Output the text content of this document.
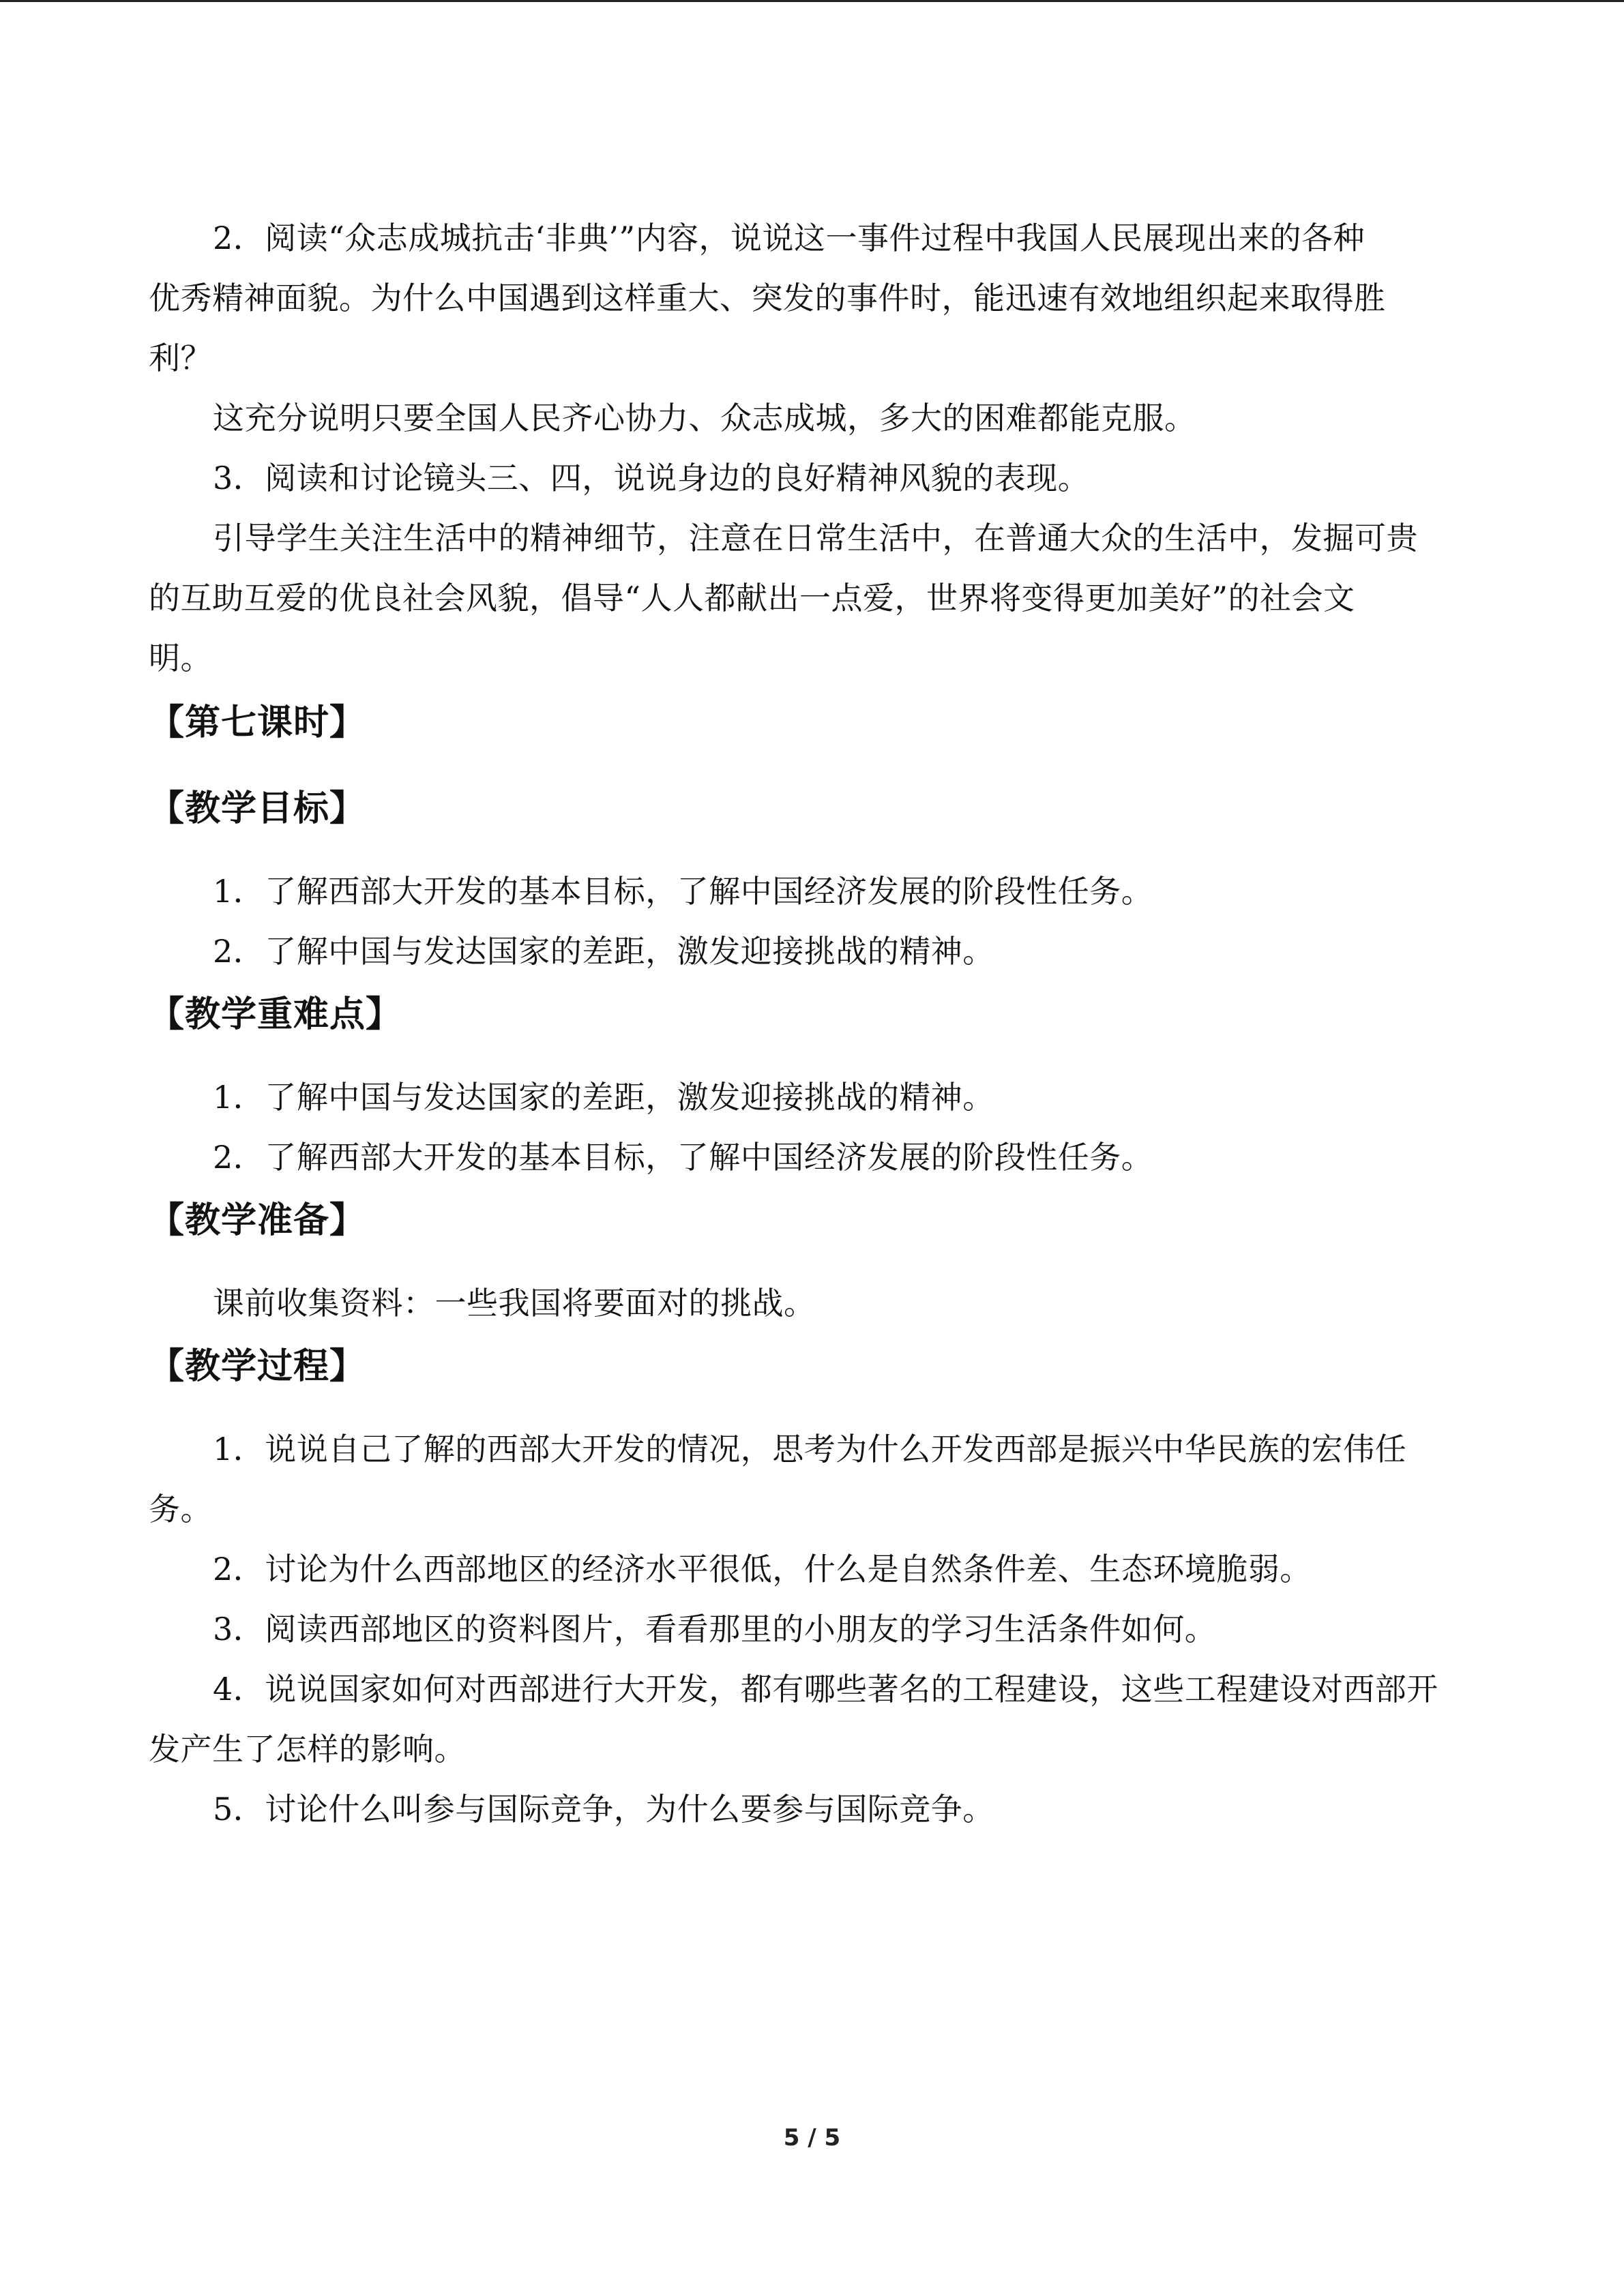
2．阅读“众志成城抗击‘非典’”内容，说说这一事件过程中我国人民展现出来的各种
优秀精神面貌。为什么中国遇到这样重大、突发的事件时，能迅速有效地组织起来取得胜
利？
这充分说明只要全国人民齐心协力、众志成城，多大的困难都能克服。
3．阅读和讨论镜头三、四，说说身边的良好精神风貌的表现。
引导学生关注生活中的精神细节，注意在日常生活中，在普通大众的生活中，发掘可贵
的互助互爱的优良社会风貌，倡导“人人都献出一点爱，世界将变得更加美好”的社会文
明。
【第七课时】
【教学目标】
1．了解西部大开发的基本目标，了解中国经济发展的阶段性任务。
2．了解中国与发达国家的差距，激发迎接挑战的精神。
【教学重难点】
1．了解中国与发达国家的差距，激发迎接挑战的精神。
2．了解西部大开发的基本目标，了解中国经济发展的阶段性任务。
【教学准备】
课前收集资料：一些我国将要面对的挑战。
【教学过程】
1．说说自己了解的西部大开发的情况，思考为什么开发西部是振兴中华民族的宏伟任
务。
2．讨论为什么西部地区的经济水平很低，什么是自然条件差、生态环境脆弱。
3．阅读西部地区的资料图片，看看那里的小朋友的学习生活条件如何。
4．说说国家如何对西部进行大开发，都有哪些著名的工程建设，这些工程建设对西部开
发产生了怎样的影响。
5．讨论什么叫参与国际竞争，为什么要参与国际竞争。
5 / 5
